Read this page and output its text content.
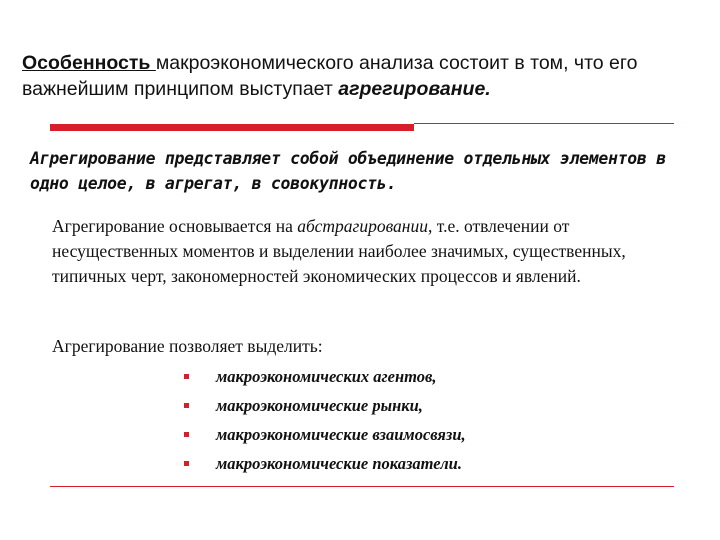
Особенность макроэкономического анализа состоит в том, что его важнейшим принципом выступает агрегирование.
Агрегирование представляет собой объединение отдельных элементов в одно целое, в агрегат, в совокупность.
Агрегирование основывается на абстрагировании, т.е. отвлечении от несущественных моментов и выделении наиболее значимых, существенных, типичных черт, закономерностей экономических процессов и явлений.
Агрегирование позволяет выделить:
макроэкономических агентов,
макроэкономические рынки,
макроэкономические взаимосвязи,
макроэкономические показатели.
